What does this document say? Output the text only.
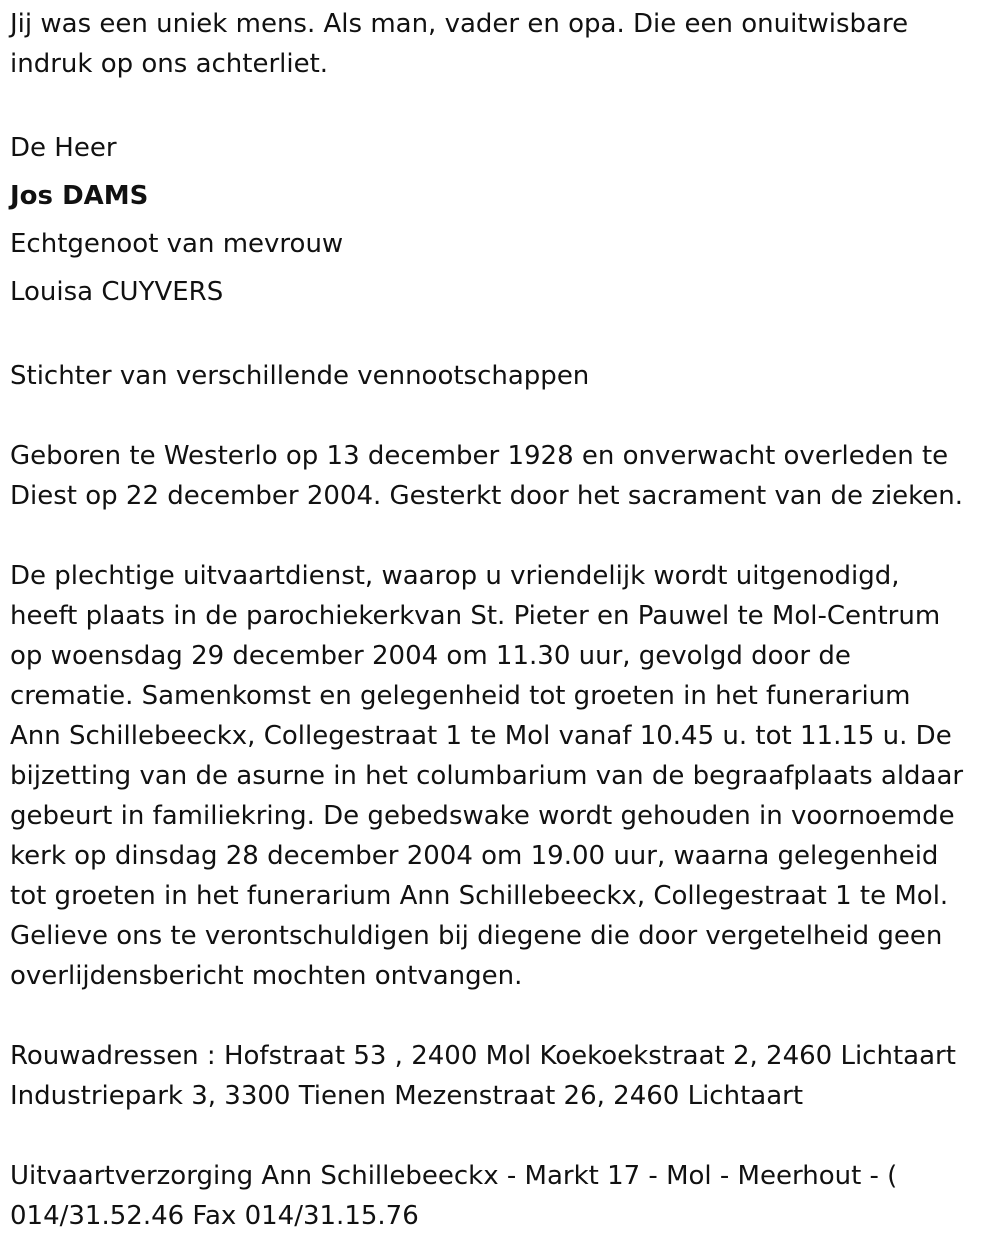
Jij was een uniek mens. Als man, vader en opa. Die een onuitwisbare
indruk op ons achterliet.

De Heer
Jos DAMS
Echtgenoot van mevrouw
Louisa CUYVERS

Stichter van verschillende vennootschappen

Geboren te Westerlo op 13 december 1928 en onverwacht overleden te
Diest op 22 december 2004. Gesterkt door het sacrament van de zieken.

De plechtige uitvaartdienst, waarop u vriendelijk wordt uitgenodigd,
heeft plaats in de parochiekerkvan St. Pieter en Pauwel te Mol-Centrum
op woensdag 29 december 2004 om 11.30 uur, gevolgd door de
crematie. Samenkomst en gelegenheid tot groeten in het funerarium
Ann Schillebeeckx, Collegestraat 1 te Mol vanaf 10.45 u. tot 11.15 u. De
bijzetting van de asurne in het columbarium van de begraafplaats aldaar
gebeurt in familiekring. De gebedswake wordt gehouden in voornoemde
kerk op dinsdag 28 december 2004 om 19.00 uur, waarna gelegenheid
tot groeten in het funerarium Ann Schillebeeckx, Collegestraat 1 te Mol.
Gelieve ons te verontschuldigen bij diegene die door vergetelheid geen
overlijdensbericht mochten ontvangen.

Rouwadressen : Hofstraat 53 , 2400 Mol Koekoekstraat 2, 2460 Lichtaart
Industriepark 3, 3300 Tienen Mezenstraat 26, 2460 Lichtaart

Uitvaartverzorging Ann Schillebeeckx - Markt 17 - Mol - Meerhout - (
014/31.52.46 Fax 014/31.15.76
